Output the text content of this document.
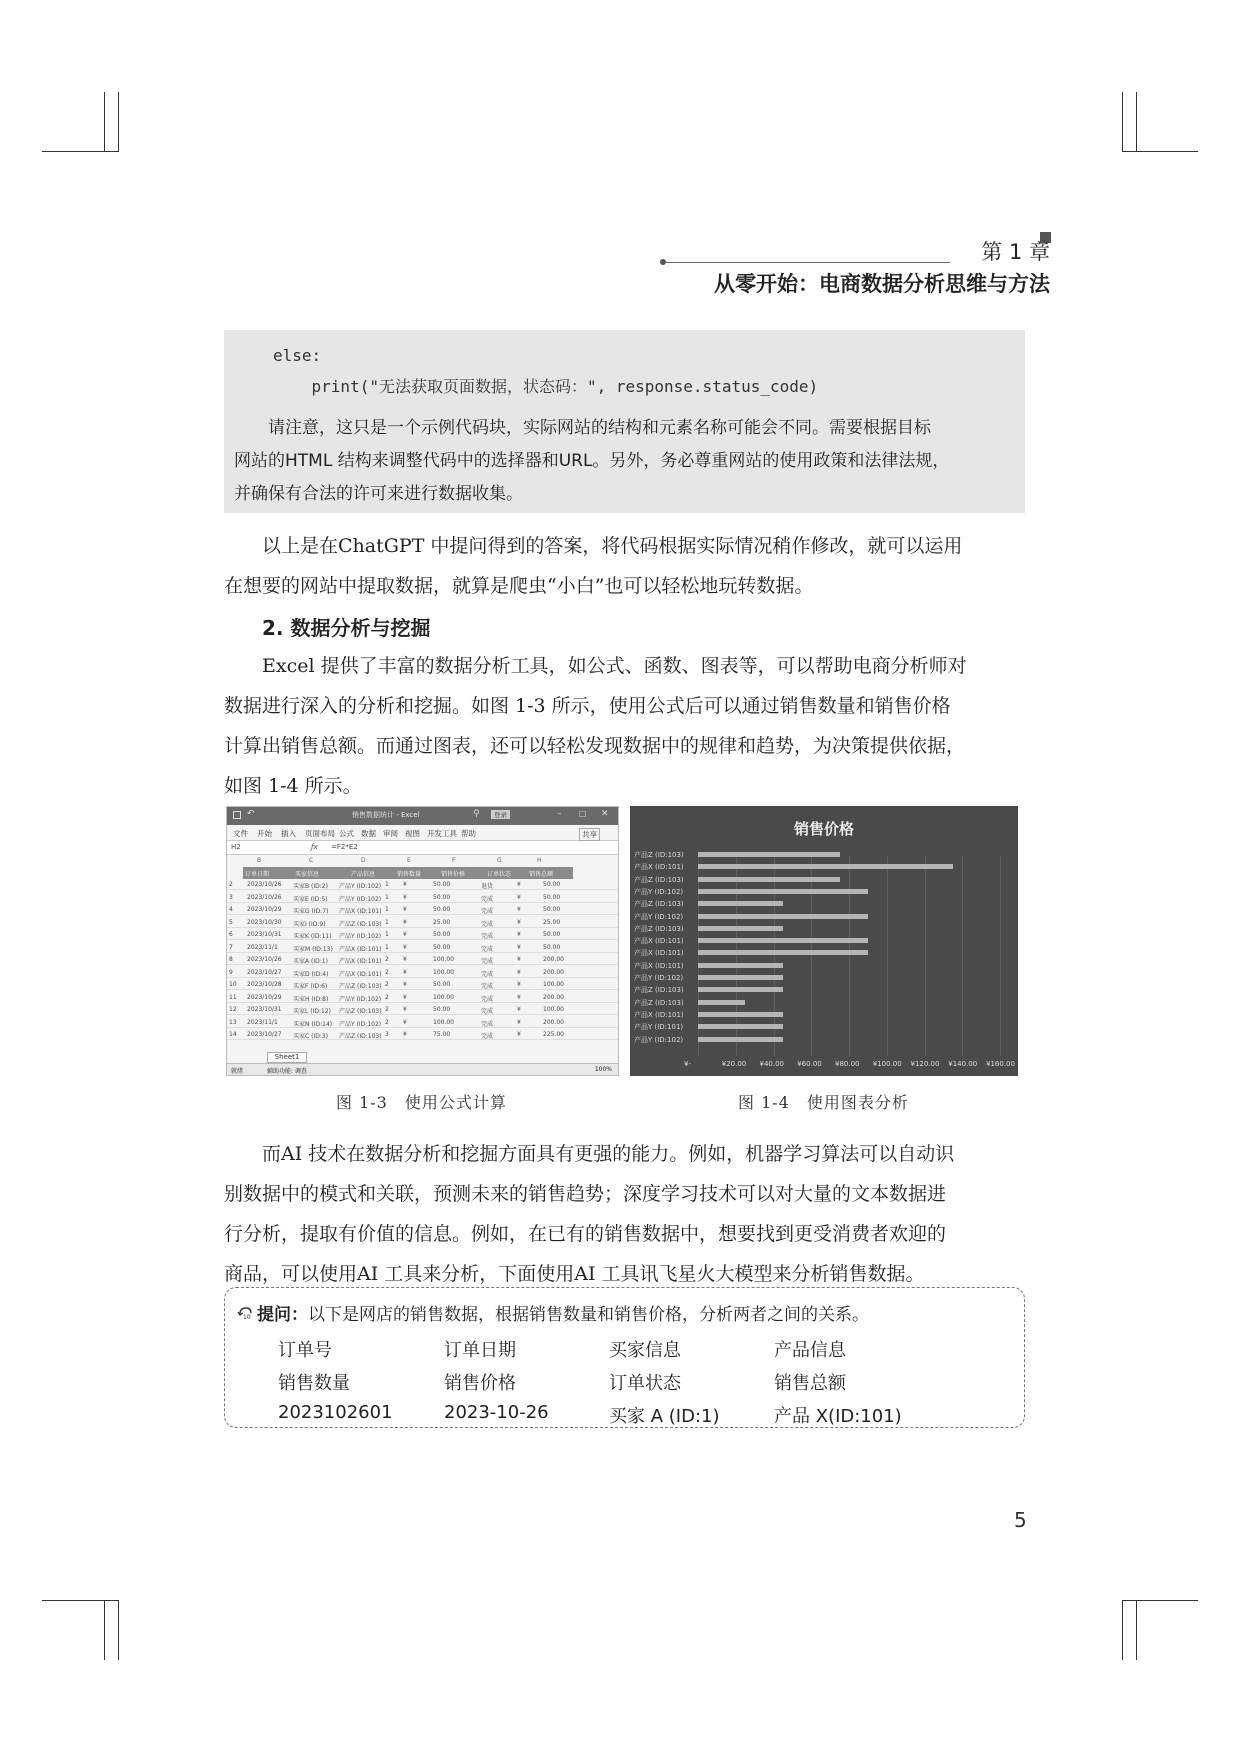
第 1 章
从零开始：电商数据分析思维与方法
else:
print("无法获取页面数据，状态码：", response.status_code)

请注意，这只是一个示例代码块，实际网站的结构和元素名称可能会不同。需要根据目标

网站的HTML 结构来调整代码中的选择器和URL。另外，务必尊重网站的使用政策和法律法规，

并确保有合法的许可来进行数据收集。

以上是在ChatGPT 中提问得到的答案，将代码根据实际情况稍作修改，就可以运用
在想要的网站中提取数据，就算是爬虫“小白”也可以轻松地玩转数据。
2. 数据分析与挖掘
Excel 提供了丰富的数据分析工具，如公式、函数、图表等，可以帮助电商分析师对
数据进行深入的分析和挖掘。如图 1-3 所示，使用公式后可以通过销售数量和销售价格
计算出销售总额。而通过图表，还可以轻松发现数据中的规律和趋势，为决策提供依据，
如图 1-4 所示。
↶	销售数据统计 - Excel	⚲	登录	– □ ✕
文件 开始 插入 页面布局 公式 数据 审阅 视图 开发工具 帮助	共享
H2	ƒx =F2*E2
B	C	D	E	F	G	H
订单日期	买家信息	产品信息	销售数量	销售价格	订单状态	销售总额
2 2023/10/26 买家B (ID:2) 产品Y (ID:102) 1 ¥	50.00	退货	¥	50.00
3 2023/10/26 买家E (ID:5) 产品Y (ID:102) 1 ¥	50.00	完成	¥	50.00
4 2023/10/29 买家G (ID:7) 产品X (ID:101) 1 ¥	50.00	完成	¥	50.00
5 2023/10/30 买家I (ID:9) 产品Z (ID:103) 1 ¥	25.00	完成	¥	25.00
6 2023/10/31 买家K (ID:11) 产品Y (ID:102) 1 ¥	50.00	完成	¥	50.00
7 2023/11/1	买家M (ID:13) 产品X (ID:101) 1 ¥	50.00	完成	¥	50.00
8 2023/10/26 买家A (ID:1) 产品X (ID:101) 2 ¥	100.00	完成	¥	200.00
9 2023/10/27 买家D (ID:4) 产品X (ID:101) 2 ¥	100.00	完成	¥	200.00
10 2023/10/28 买家F (ID:6) 产品Z (ID:103) 2 ¥	50.00	完成	¥	100.00
11 2023/10/29 买家H (ID:8) 产品Y (ID:102) 2 ¥	100.00	完成	¥	200.00
12 2023/10/31 买家L (ID:12) 产品Z (ID:103) 2 ¥	50.00	完成	¥	100.00
13 2023/11/1	买家N (ID:14) 产品Y (ID:102) 2 ¥	100.00	完成	¥	200.00
14 2023/10/27 买家C (ID:3) 产品Z (ID:103) 3 ¥	75.00	完成	¥	225.00
Sheet1
就绪	辅助功能: 调查	100%
销售价格
¥-	¥20.00 ¥40.00 ¥60.00 ¥80.00 ¥100.00 ¥120.00 ¥140.00 ¥160.00
产品Z (ID:103)
产品X (ID:101)
产品Z (ID:103)
产品Y (ID:102)
产品Z (ID:103)
产品Y (ID:102)
产品Z (ID:103)
产品X (ID:101)
产品X (ID:101)
产品X (ID:101)
产品Y (ID:102)
产品Z (ID:103)
产品Z (ID:103)
产品X (ID:101)
产品Y (ID:101)
产品Y (ID:102)
图 1-3　使用公式计算	图 1-4　使用图表分析
而AI 技术在数据分析和挖掘方面具有更强的能力。例如，机器学习算法可以自动识
别数据中的模式和关联，预测未来的销售趋势；深度学习技术可以对大量的文本数据进
行分析，提取有价值的信息。例如，在已有的销售数据中，想要找到更受消费者欢迎的
商品，可以使用AI 工具来分析，下面使用AI 工具讯飞星火大模型来分析销售数据。
10 提问：以下是网店的销售数据，根据销售数量和销售价格，分析两者之间的关系。
订单号	订单日期	买家信息	产品信息
销售数量	销售价格	订单状态	销售总额
2023102601	2023-10-26	买家 A (ID:1)	产品 X(ID:101)
5
